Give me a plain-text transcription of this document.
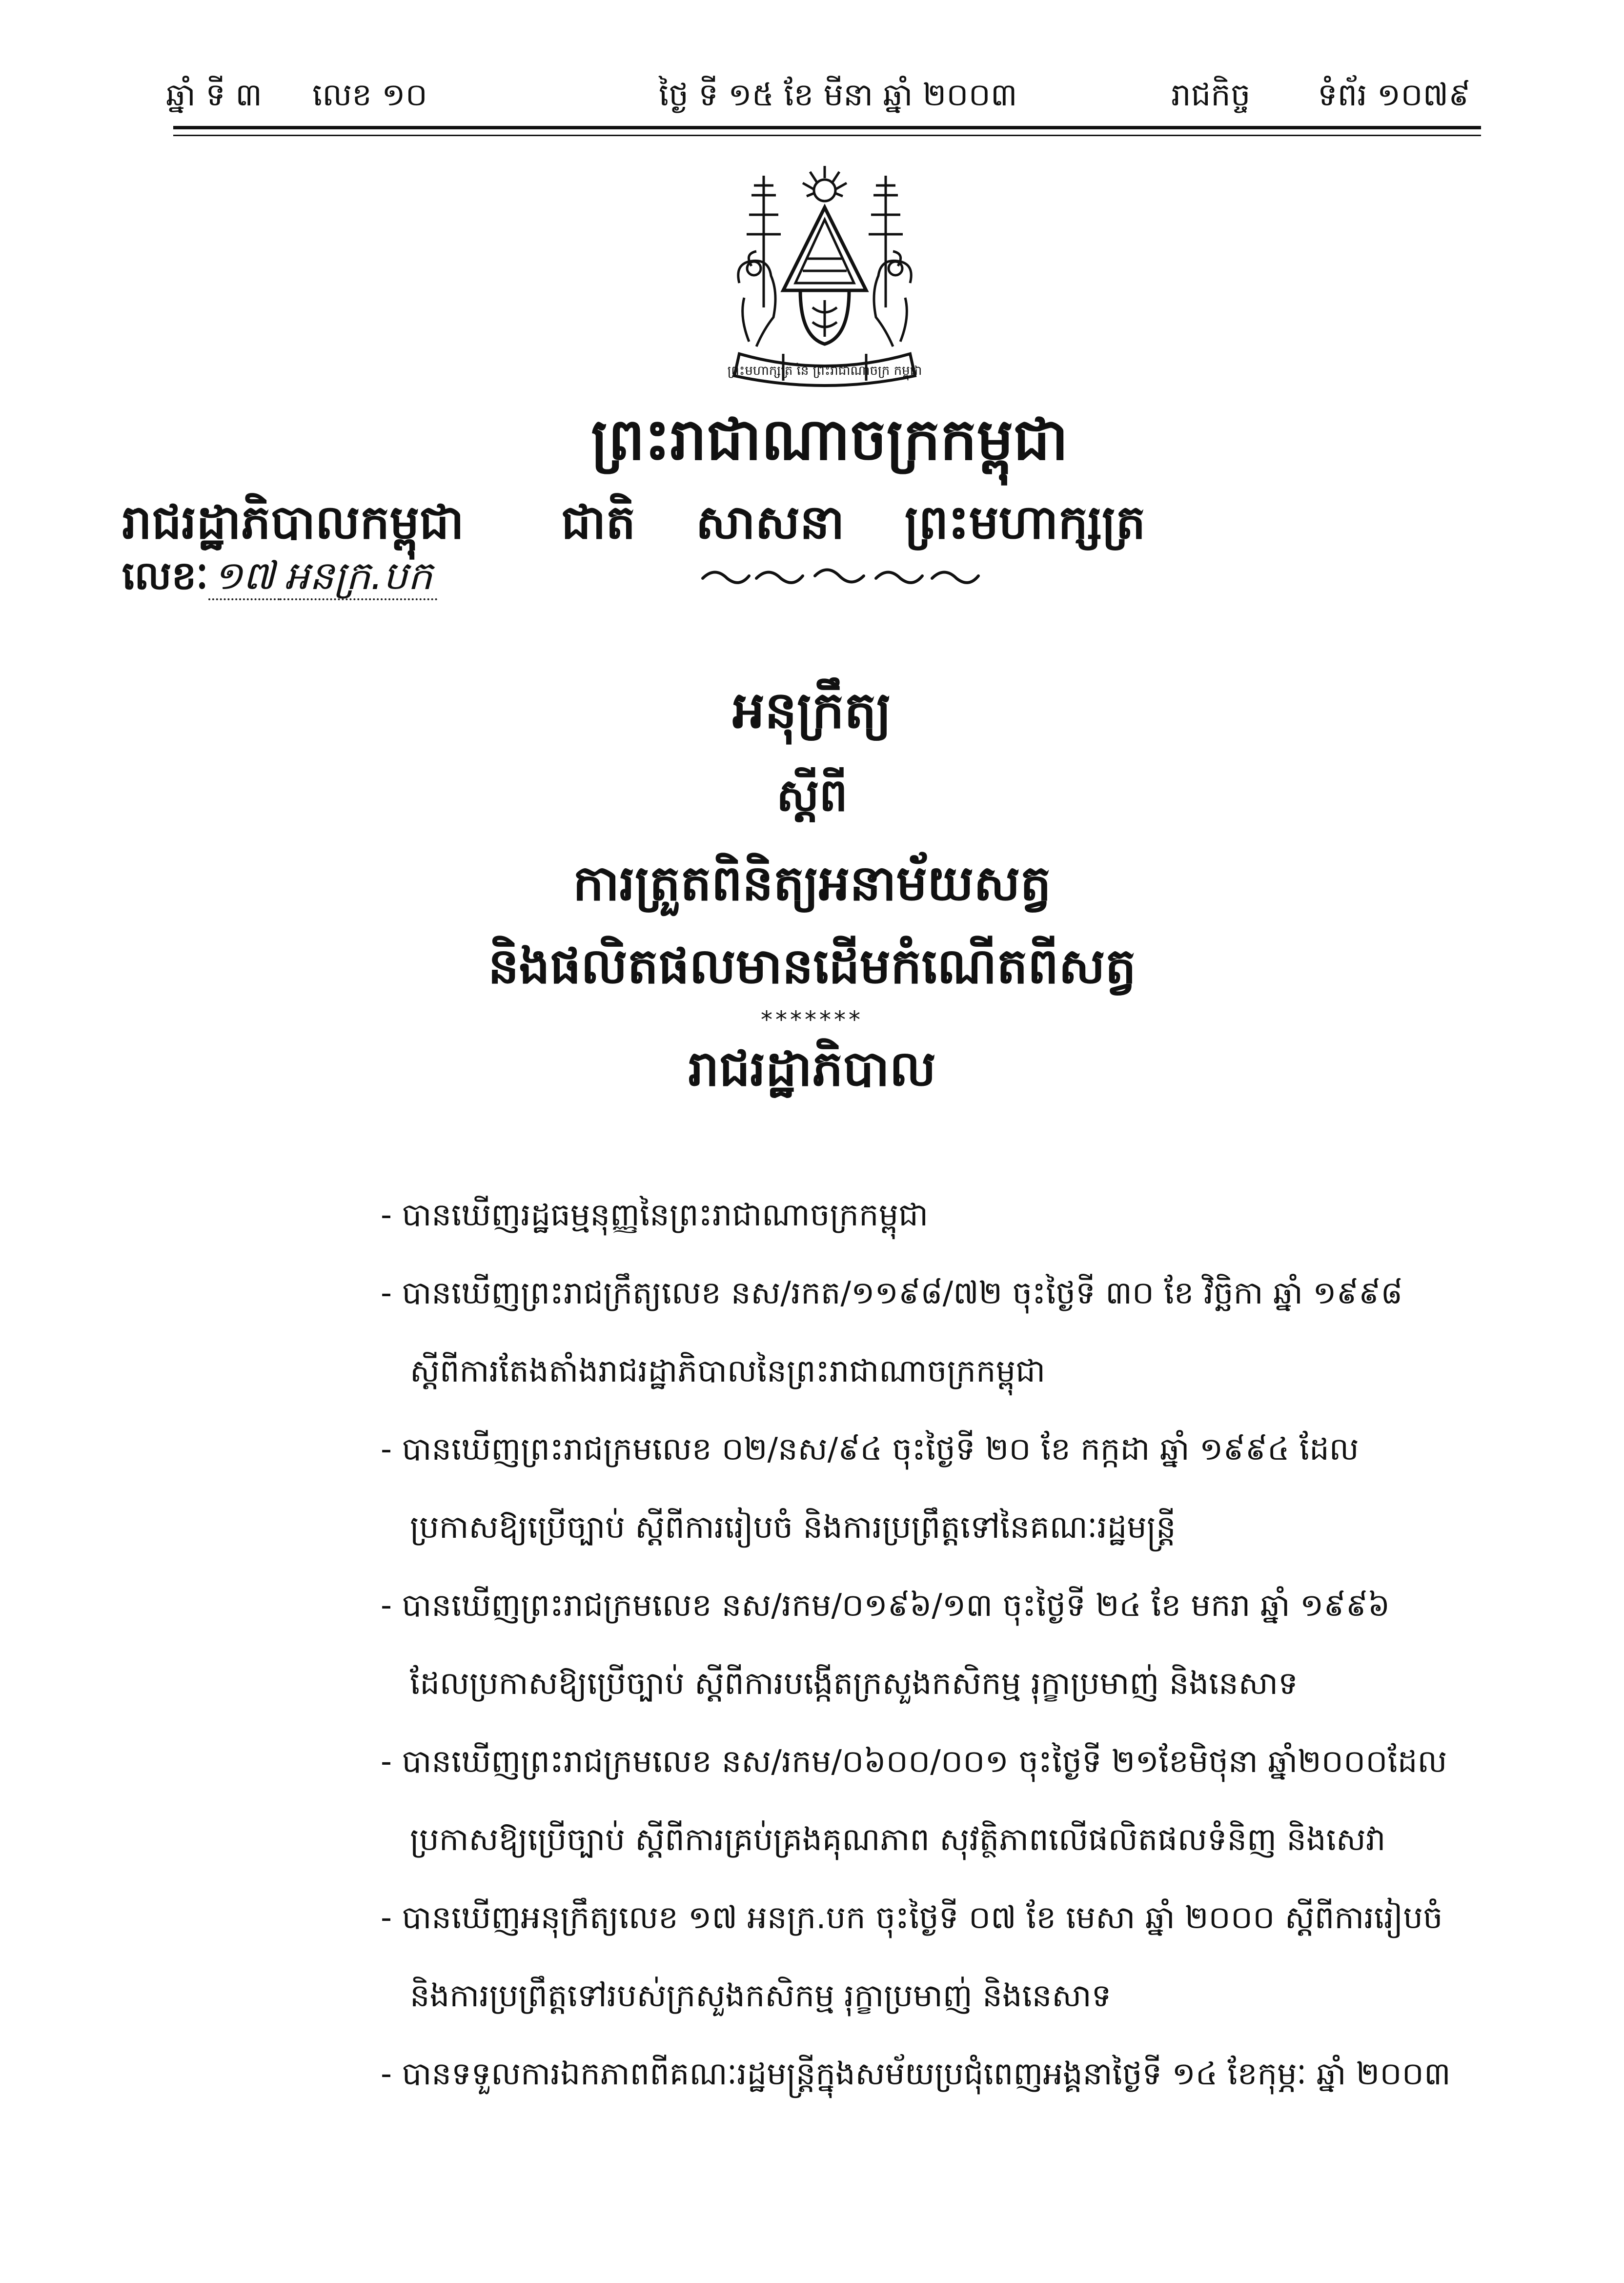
ឆ្នាំ ទី ៣ លេខ ១០	ថ្ងៃ ទី ១៥ ខែ មីនា ឆ្នាំ ២០០៣	រាជកិច្ច ទំព័រ ១០៧៩
ព្រះមហាក្សត្រ នៃ ព្រះរាជាណាចក្រ កម្ពុជា
ព្រះរាជាណាចក្រកម្ពុជា
ជាតិ សាសនា ព្រះមហាក្សត្រ
រាជរដ្ឋាភិបាលកម្ពុជា
លេខៈ ១៧ អនក្រ.បក
អនុក្រឹត្យ
ស្តីពី
ការត្រួតពិនិត្យអនាម័យសត្វ
និងផលិតផលមានដើមកំណើតពីសត្វ
*******
រាជរដ្ឋាភិបាល
- បានឃើញរដ្ឋធម្មនុញ្ញនៃព្រះរាជាណាចក្រកម្ពុជា
- បានឃើញព្រះរាជក្រឹត្យលេខ នស/រកត/១១៩៨/៧២ ចុះថ្ងៃទី ៣០ ខែ វិច្ឆិកា ឆ្នាំ ១៩៩៨
ស្តីពីការតែងតាំងរាជរដ្ឋាភិបាលនៃព្រះរាជាណាចក្រកម្ពុជា
- បានឃើញព្រះរាជក្រមលេខ ០២/នស/៩៤ ចុះថ្ងៃទី ២០ ខែ កក្កដា ឆ្នាំ ១៩៩៤ ដែល
ប្រកាសឱ្យប្រើច្បាប់ ស្តីពីការរៀបចំ និងការប្រព្រឹត្តទៅនៃគណៈរដ្ឋមន្ត្រី
- បានឃើញព្រះរាជក្រមលេខ នស/រកម/០១៩៦/១៣ ចុះថ្ងៃទី ២៤ ខែ មករា ឆ្នាំ ១៩៩៦
ដែលប្រកាសឱ្យប្រើច្បាប់ ស្តីពីការបង្កើតក្រសួងកសិកម្ម រុក្ខាប្រមាញ់ និងនេសាទ
- បានឃើញព្រះរាជក្រមលេខ នស/រកម/០៦០០/០០១ ចុះថ្ងៃទី ២១ខែមិថុនា ឆ្នាំ២០០០ដែល
ប្រកាសឱ្យប្រើច្បាប់ ស្តីពីការគ្រប់គ្រងគុណភាព សុវត្ថិភាពលើផលិតផលទំនិញ និងសេវា
- បានឃើញអនុក្រឹត្យលេខ ១៧ អនក្រ.បក ចុះថ្ងៃទី ០៧ ខែ មេសា ឆ្នាំ ២០០០ ស្តីពីការរៀបចំ
និងការប្រព្រឹត្តទៅរបស់ក្រសួងកសិកម្ម រុក្ខាប្រមាញ់ និងនេសាទ
- បានទទួលការឯកភាពពីគណៈរដ្ឋមន្ត្រីក្នុងសម័យប្រជុំពេញអង្គនាថ្ងៃទី ១៤ ខែកុម្ភៈ ឆ្នាំ ២០០៣
